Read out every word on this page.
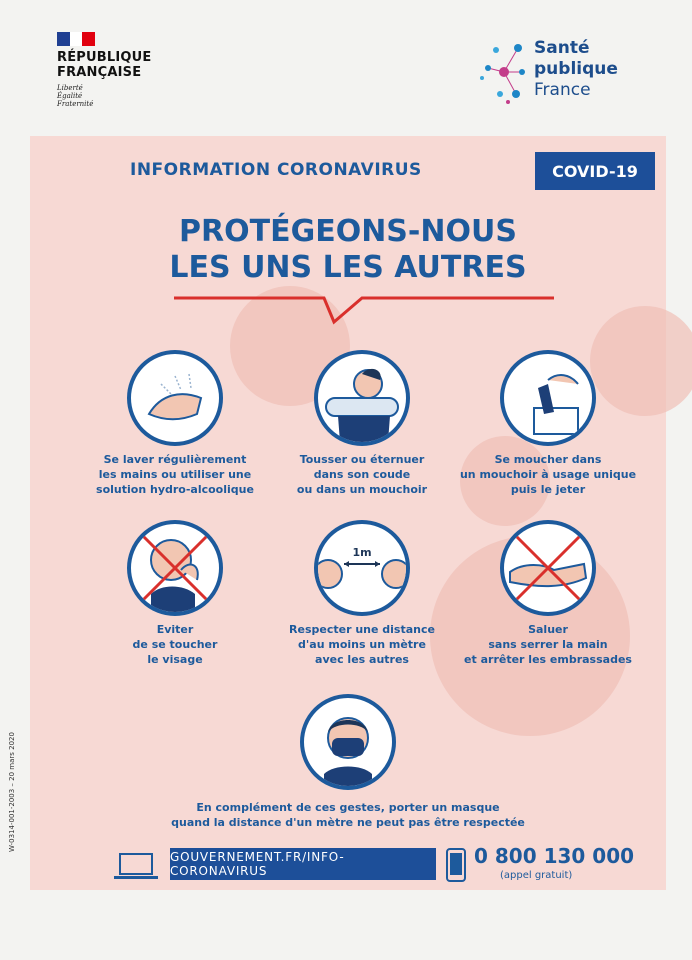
RÉPUBLIQUE
FRANÇAISE
Liberté
Égalité
Fraternité
Santé
publique
France
INFORMATION CORONAVIRUS	COVID-19
PROTÉGEONS-NOUS
LES UNS LES AUTRES
Se laver régulièrement
les mains ou utiliser une
solution hydro-alcoolique
Tousser ou éternuer
dans son coude
ou dans un mouchoir
Se moucher dans
un mouchoir à usage unique
puis le jeter
Eviter
de se toucher
le visage
1m
Respecter une distance
d'au moins un mètre
avec les autres
Saluer
sans serrer la main
et arrêter les embrassades
En complément de ces gestes, porter un masque
quand la distance d'un mètre ne peut pas être respectée
GOUVERNEMENT.FR/INFO-CORONAVIRUS
0 800 130 000
(appel gratuit)
W-0314-001-2003 – 20 mars 2020
